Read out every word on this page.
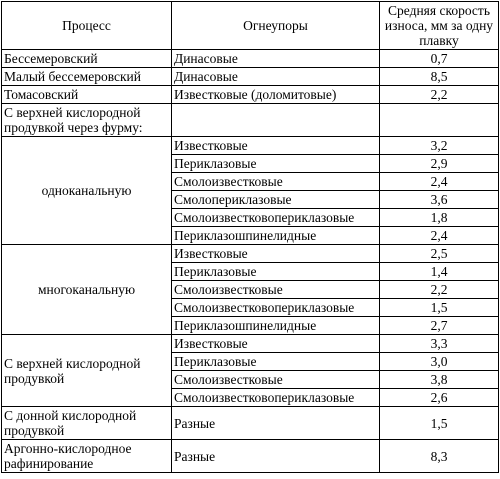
Процесс	Огнеупоры	Средняя скорость износа, мм за одну плавку
Бессемеровский	Динасовые	0,7
Малый бессемеровский	Динасовые	8,5
Томасовский	Известковые (доломитовые)	2,2
С верхней кислородной продувкой через фурму:		
одноканальную	Известковые	3,2
	Периклазовые	2,9
	Смолоизвестковые	2,4
	Смолопериклазовые	3,6
	Смолоизвестковопериклазовые	1,8
	Периклазошпинелидные	2,4
многоканальную	Известковые	2,5
	Периклазовые	1,4
	Смолоизвестковые	2,2
	Смолоизвестковопериклазовые	1,5
	Периклазошпинелидные	2,7
С верхней кислородной продувкой	Известковые	3,3
	Периклазовые	3,0
	Смолоизвестковые	3,8
	Смолоизвестковопериклазовые	2,6
С донной кислородной продувкой	Разные	1,5
Аргонно-кислородное рафинирование	Разные	8,3
